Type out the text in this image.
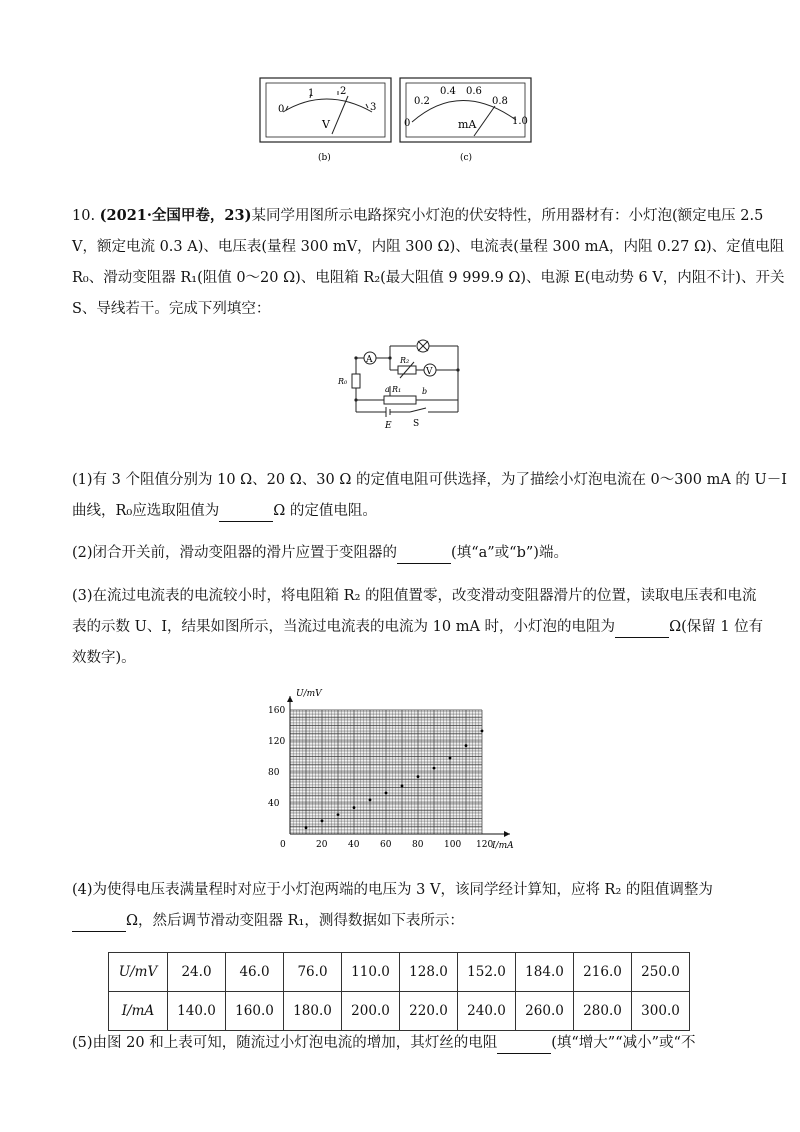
0
1	2
3
V
(b)
0
0.2
0.4 0.6
0.8
1.0
mA
(c)
10. (2021·全国甲卷，23)某同学用图所示电路探究小灯泡的伏安特性，所用器材有：小灯泡(额定电压 2.5
V，额定电流 0.3 A)、电压表(量程 300 mV，内阻 300 Ω)、电流表(量程 300 mA，内阻 0.27 Ω)、定值电阻
R₀、滑动变阻器 R₁(阻值 0～20 Ω)、电阻箱 R₂(最大阻值 9 999.9 Ω)、电源 E(电动势 6 V，内阻不计)、开关
S、导线若干。完成下列填空：
A
V
R₀
R₂
a R₁	b
E S
(1)有 3 个阻值分别为 10 Ω、20 Ω、30 Ω 的定值电阻可供选择，为了描绘小灯泡电流在 0～300 mA 的 U－I
曲线，R₀应选取阻值为	Ω 的定值电阻。
(2)闭合开关前，滑动变阻器的滑片应置于变阻器的	(填“a”或“b”)端。
(3)在流过电流表的电流较小时，将电阻箱 R₂ 的阻值置零，改变滑动变阻器滑片的位置，读取电压表和电流
表的示数 U、I，结果如图所示，当流过电流表的电流为 10 mA 时，小灯泡的电阻为	Ω(保留 1 位有
效数字)。
0	20 40 60 80 100 120
40
80
120
160
I/mA
U/mV
(4)为使得电压表满量程时对应于小灯泡两端的电压为 3 V，该同学经计算知，应将 R₂ 的阻值调整为
Ω，然后调节滑动变阻器 R₁，测得数据如下表所示：
U/mV	24.0	46.0	76.0	110.0	128.0	152.0	184.0	216.0	250.0
I/mA	140.0	160.0	180.0	200.0	220.0	240.0	260.0	280.0	300.0
(5)由图 20 和上表可知，随流过小灯泡电流的增加，其灯丝的电阻	(填“增大”“减小”或“不
